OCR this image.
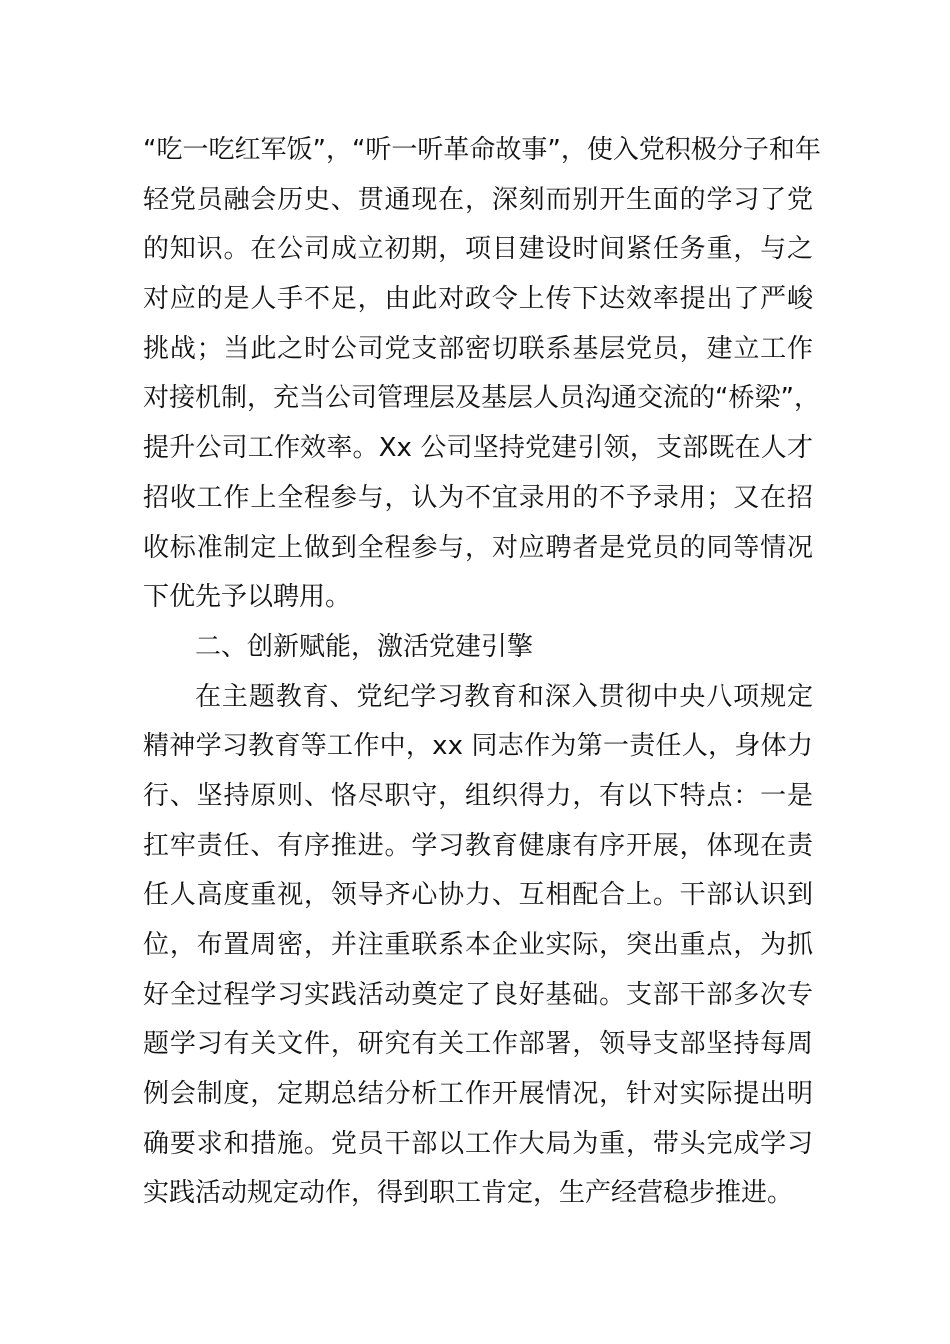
“吃一吃红军饭”，“听一听革命故事”，使入党积极分子和年
轻党员融会历史、贯通现在，深刻而别开生面的学习了党
的知识。在公司成立初期，项目建设时间紧任务重，与之
对应的是人手不足，由此对政令上传下达效率提出了严峻
挑战；当此之时公司党支部密切联系基层党员，建立工作
对接机制，充当公司管理层及基层人员沟通交流的“桥梁”，
提升公司工作效率。Xx 公司坚持党建引领，支部既在人才
招收工作上全程参与，认为不宜录用的不予录用；又在招
收标准制定上做到全程参与，对应聘者是党员的同等情况
下优先予以聘用。
二、创新赋能，激活党建引擎
在主题教育、党纪学习教育和深入贯彻中央八项规定
精神学习教育等工作中，xx 同志作为第一责任人，身体力
行、坚持原则、恪尽职守，组织得力，有以下特点：一是
扛牢责任、有序推进。学习教育健康有序开展，体现在责
任人高度重视，领导齐心协力、互相配合上。干部认识到
位，布置周密，并注重联系本企业实际，突出重点，为抓
好全过程学习实践活动奠定了良好基础。支部干部多次专
题学习有关文件，研究有关工作部署，领导支部坚持每周
例会制度，定期总结分析工作开展情况，针对实际提出明
确要求和措施。党员干部以工作大局为重，带头完成学习
实践活动规定动作，得到职工肯定，生产经营稳步推进。
